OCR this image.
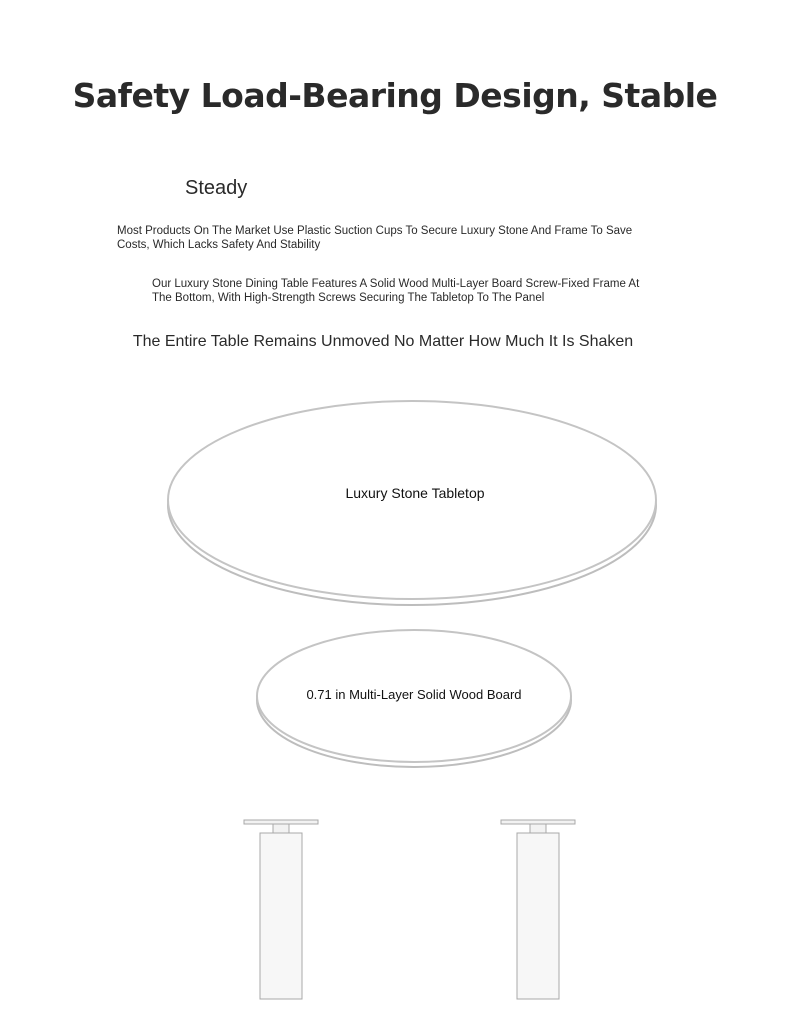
Safety Load-Bearing Design, Stable
Steady
Most Products On The Market Use Plastic Suction Cups To Secure Luxury Stone And Frame To Save Costs, Which Lacks Safety And Stability
Our Luxury Stone Dining Table Features A Solid Wood Multi-Layer Board Screw-Fixed Frame At The Bottom, With High-Strength Screws Securing The Tabletop To The Panel
The Entire Table Remains Unmoved No Matter How Much It Is Shaken
Luxury Stone Tabletop
0.71 in Multi-Layer Solid Wood Board
